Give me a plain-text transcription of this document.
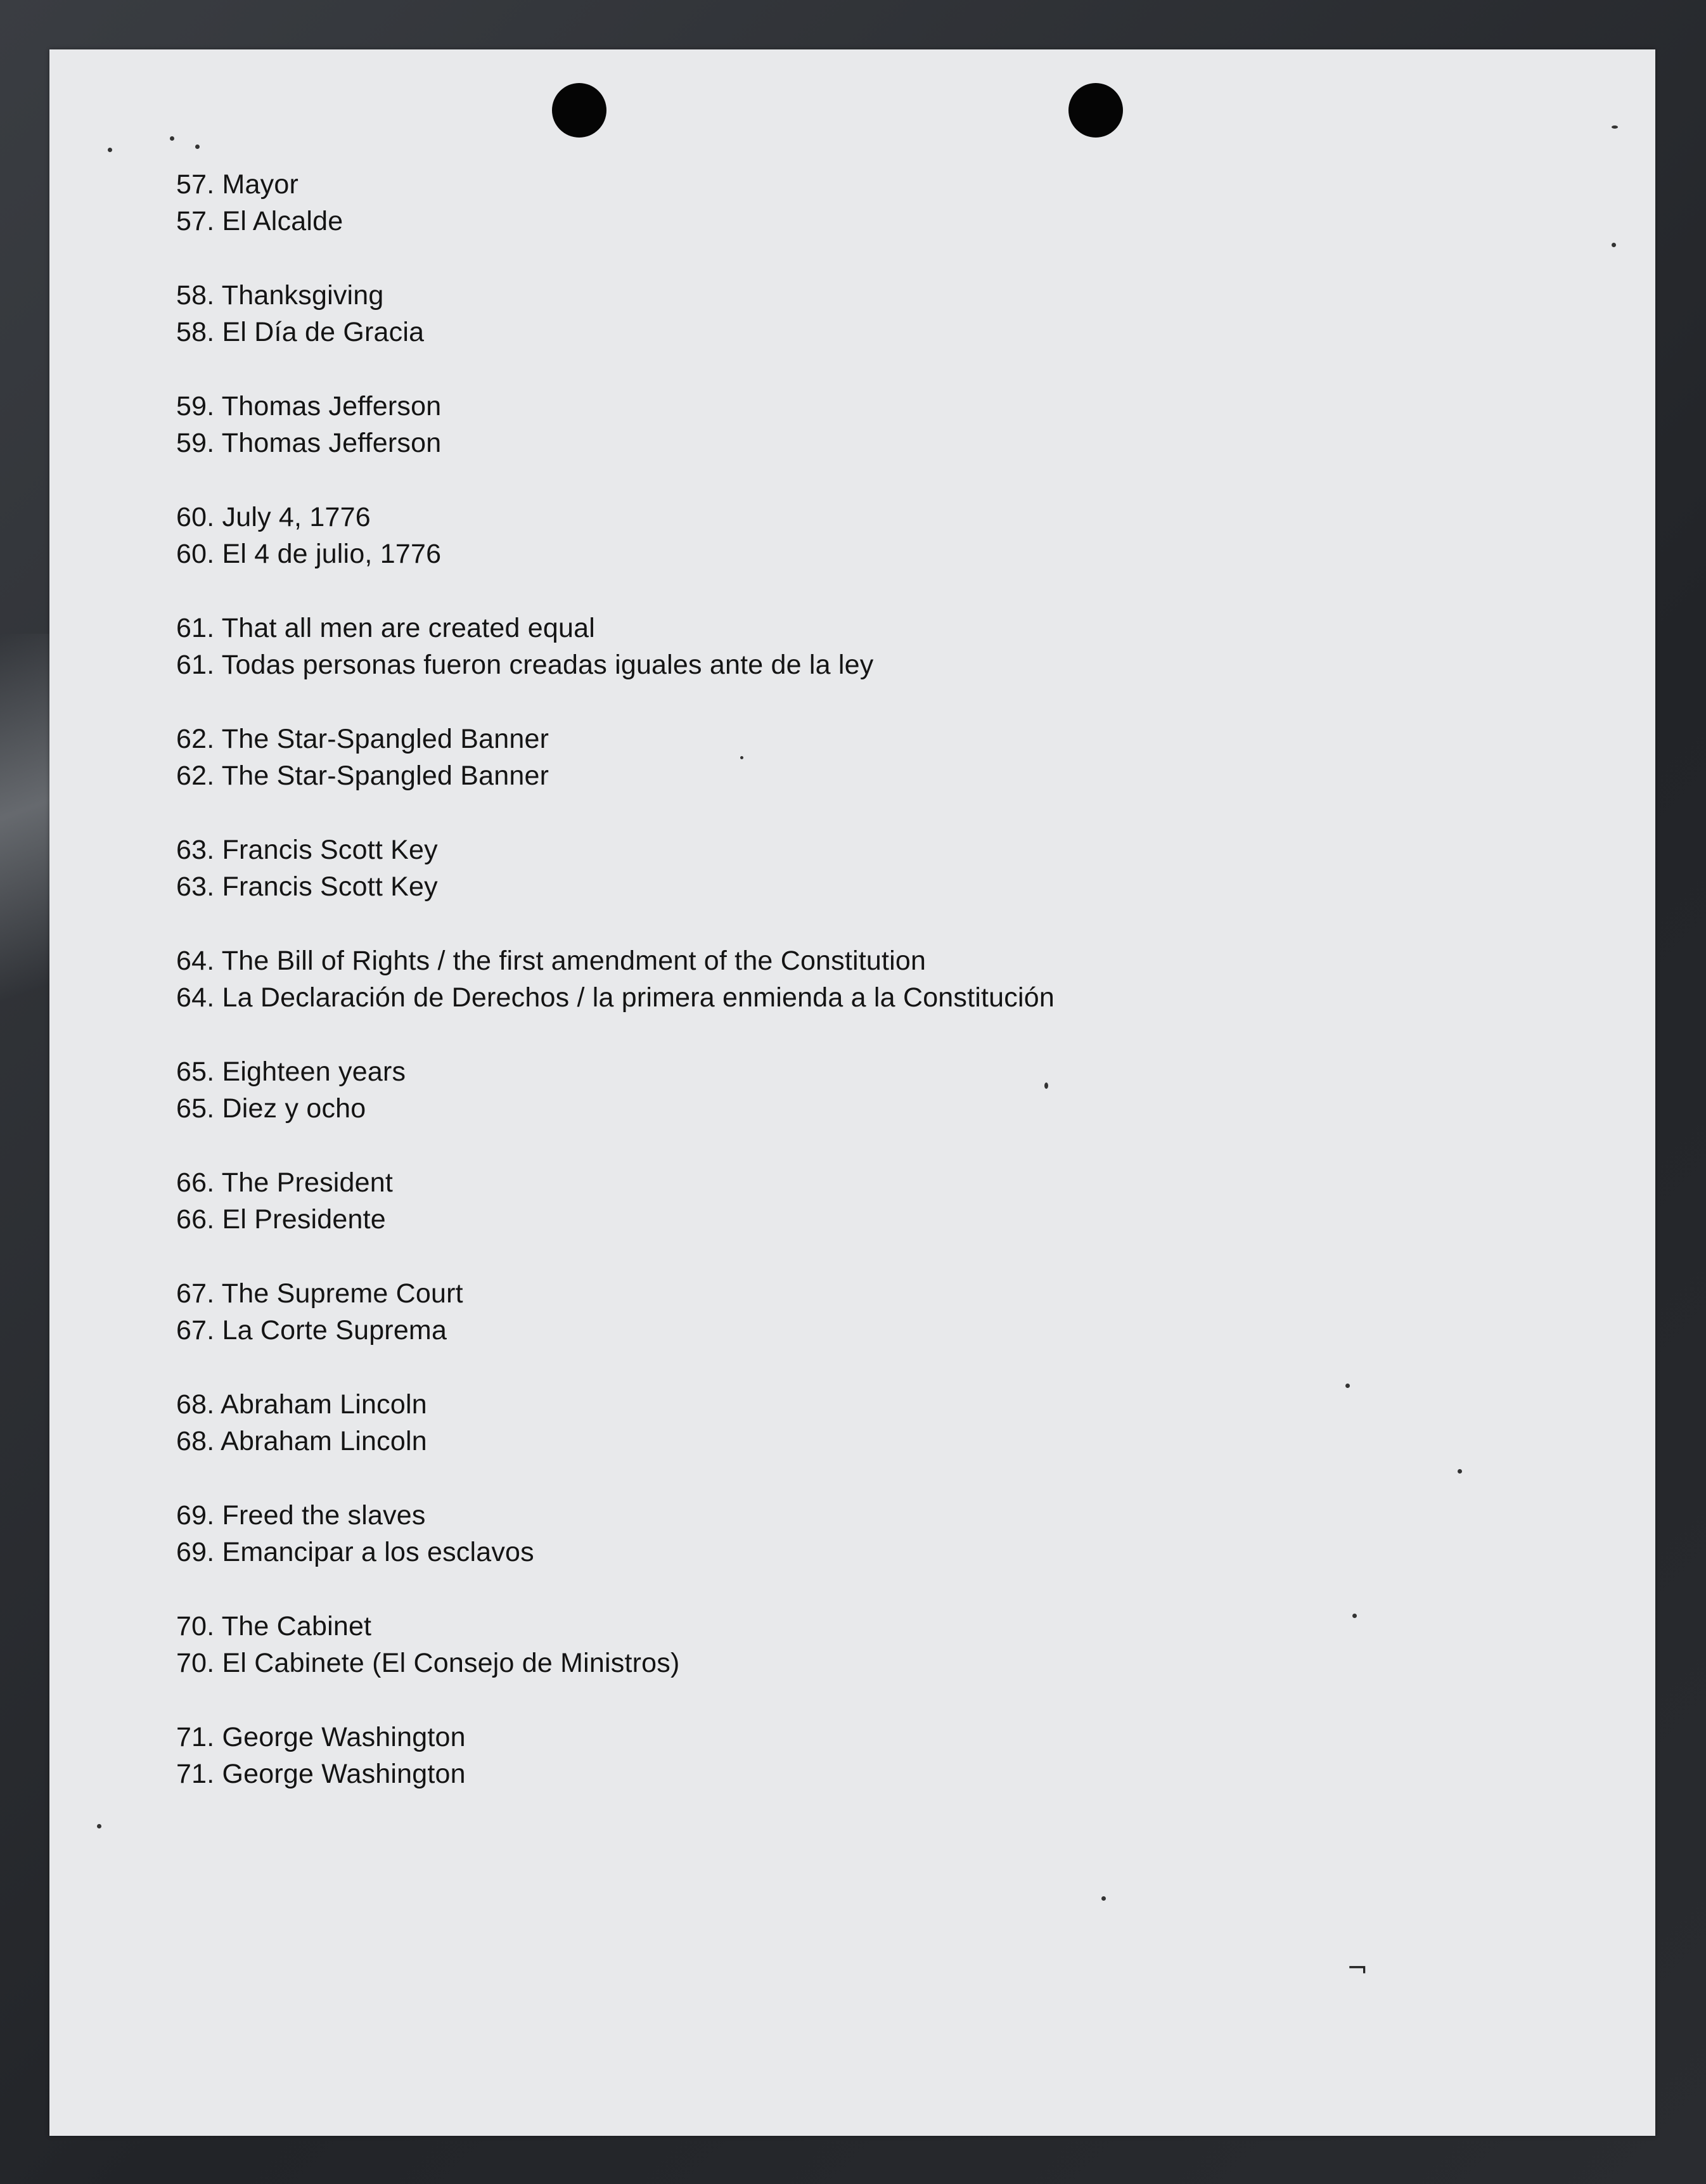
¬
57. Mayor
57. El Alcalde
58. Thanksgiving
58. El Día de Gracia
59. Thomas Jefferson
59. Thomas Jefferson
60. July 4, 1776
60. El 4 de julio, 1776
61. That all men are created equal
61. Todas personas fueron creadas iguales ante de la ley
62. The Star-Spangled Banner
62. The Star-Spangled Banner
63. Francis Scott Key
63. Francis Scott Key
64. The Bill of Rights / the first amendment of the Constitution
64. La Declaración de Derechos / la primera enmienda a la Constitución
65. Eighteen years
65. Diez y ocho
66. The President
66. El Presidente
67. The Supreme Court
67. La Corte Suprema
68. Abraham Lincoln
68. Abraham Lincoln
69. Freed the slaves
69. Emancipar a los esclavos
70. The Cabinet
70. El Cabinete (El Consejo de Ministros)
71. George Washington
71. George Washington
